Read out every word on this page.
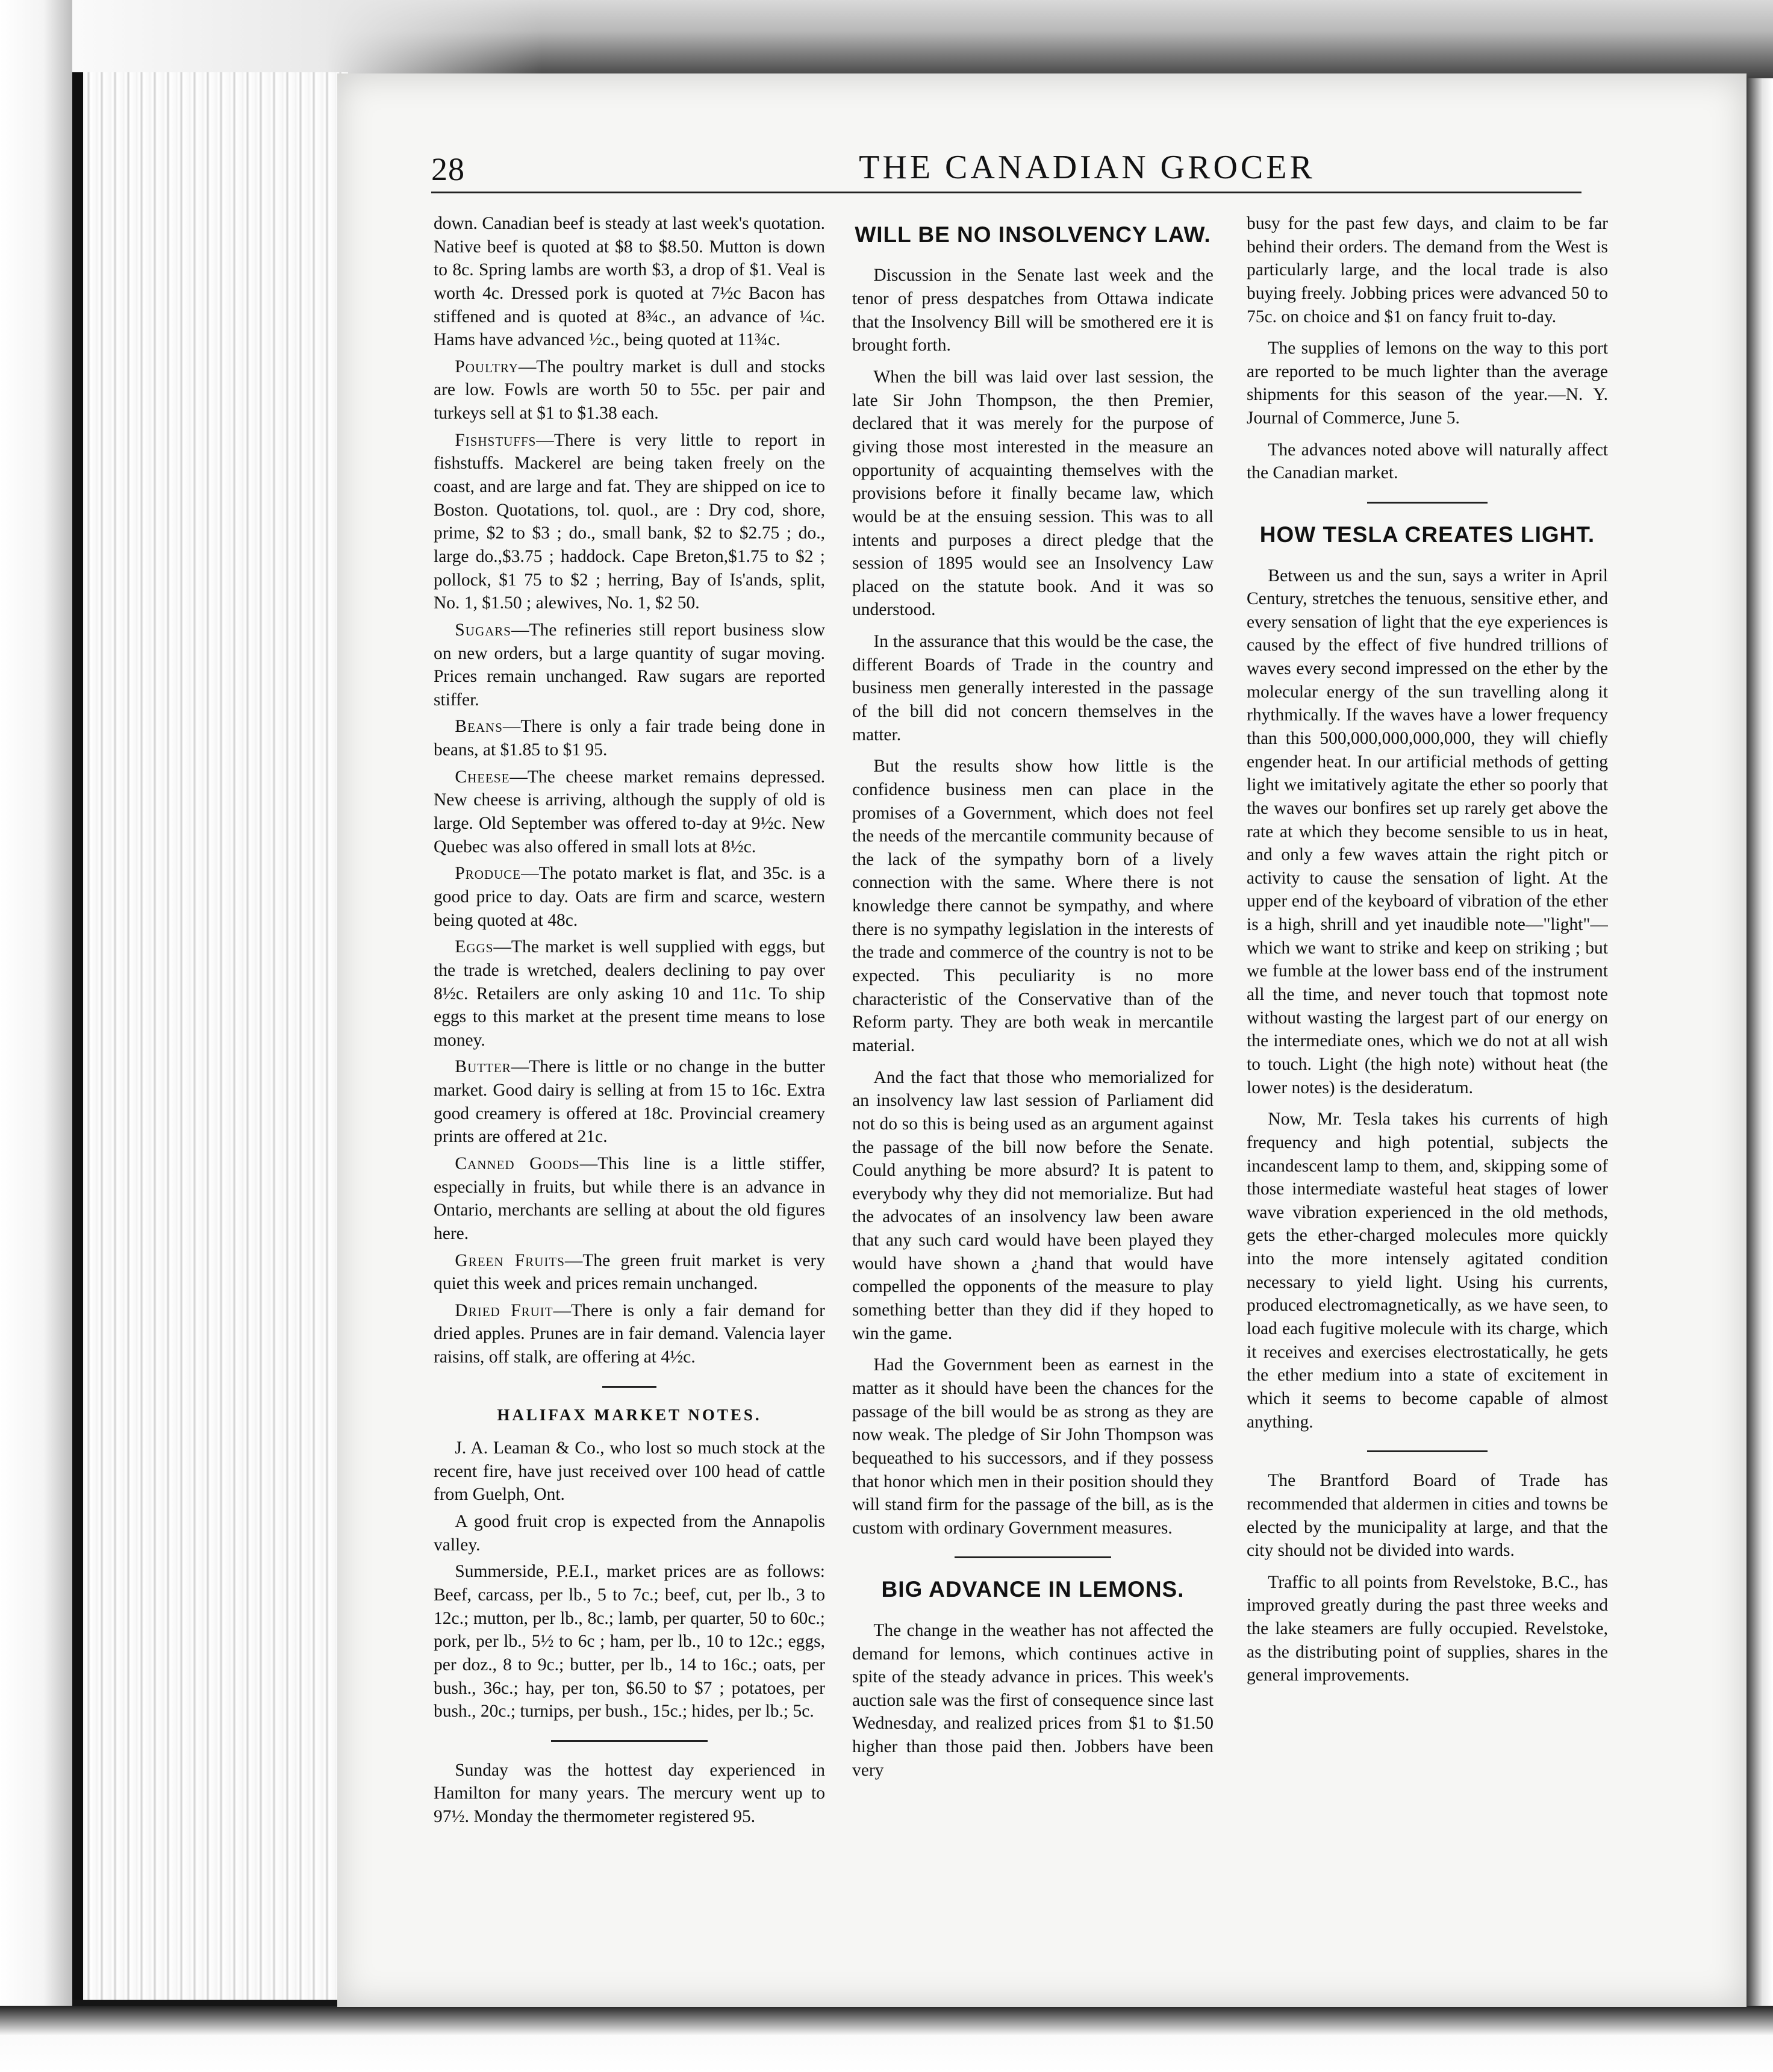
28	THE CANADIAN GROCER

down. Canadian beef is steady at last week's quotation. Native beef is quoted at $8 to $8.50. Mutton is down to 8c. Spring lambs are worth $3, a drop of $1. Veal is worth 4c. Dressed pork is quoted at 7½c Bacon has stiffened and is quoted at 8¾c., an advance of ¼c. Hams have advanced ½c., being quoted at 11¾c.

Poultry—The poultry market is dull and stocks are low. Fowls are worth 50 to 55c. per pair and turkeys sell at $1 to $1.38 each.

Fishstuffs—There is very little to report in fishstuffs. Mackerel are being taken freely on the coast, and are large and fat. They are shipped on ice to Boston. Quotations, tol. quol., are : Dry cod, shore, prime, $2 to $3 ; do., small bank, $2 to $2.75 ; do., large do.,$3.75 ; haddock. Cape Breton,$1.75 to $2 ; pollock, $1 75 to $2 ; herring, Bay of Is'ands, split, No. 1, $1.50 ; alewives, No. 1, $2 50.

Sugars—The refineries still report business slow on new orders, but a large quantity of sugar moving. Prices remain unchanged. Raw sugars are reported stiffer.

Beans—There is only a fair trade being done in beans, at $1.85 to $1 95.

Cheese—The cheese market remains depressed. New cheese is arriving, although the supply of old is large. Old September was offered to-day at 9½c. New Quebec was also offered in small lots at 8½c.

Produce—The potato market is flat, and 35c. is a good price to day. Oats are firm and scarce, western being quoted at 48c.

Eggs—The market is well supplied with eggs, but the trade is wretched, dealers declining to pay over 8½c. Retailers are only asking 10 and 11c. To ship eggs to this market at the present time means to lose money.

Butter—There is little or no change in the butter market. Good dairy is selling at from 15 to 16c. Extra good creamery is offered at 18c. Provincial creamery prints are offered at 21c.

Canned Goods—This line is a little stiffer, especially in fruits, but while there is an advance in Ontario, merchants are selling at about the old figures here.

Green Fruits—The green fruit market is very quiet this week and prices remain unchanged.

Dried Fruit—There is only a fair demand for dried apples. Prunes are in fair demand. Valencia layer raisins, off stalk, are offering at 4½c.

HALIFAX MARKET NOTES.

J. A. Leaman & Co., who lost so much stock at the recent fire, have just received over 100 head of cattle from Guelph, Ont.

A good fruit crop is expected from the Annapolis valley.

Summerside, P.E.I., market prices are as follows: Beef, carcass, per lb., 5 to 7c.; beef, cut, per lb., 3 to 12c.; mutton, per lb., 8c.; lamb, per quarter, 50 to 60c.; pork, per lb., 5½ to 6c ; ham, per lb., 10 to 12c.; eggs, per doz., 8 to 9c.; butter, per lb., 14 to 16c.; oats, per bush., 36c.; hay, per ton, $6.50 to $7 ; potatoes, per bush., 20c.; turnips, per bush., 15c.; hides, per lb.; 5c.

Sunday was the hottest day experienced in Hamilton for many years. The mercury went up to 97½. Monday the thermometer registered 95.

WILL BE NO INSOLVENCY LAW.

Discussion in the Senate last week and the tenor of press despatches from Ottawa indicate that the Insolvency Bill will be smothered ere it is brought forth.

When the bill was laid over last session, the late Sir John Thompson, the then Premier, declared that it was merely for the purpose of giving those most interested in the measure an opportunity of acquainting themselves with the provisions before it finally became law, which would be at the ensuing session. This was to all intents and purposes a direct pledge that the session of 1895 would see an Insolvency Law placed on the statute book. And it was so understood.

In the assurance that this would be the case, the different Boards of Trade in the country and business men generally interested in the passage of the bill did not concern themselves in the matter.

But the results show how little is the confidence business men can place in the promises of a Government, which does not feel the needs of the mercantile community because of the lack of the sympathy born of a lively connection with the same. Where there is not knowledge there cannot be sympathy, and where there is no sympathy legislation in the interests of the trade and commerce of the country is not to be expected. This peculiarity is no more characteristic of the Conservative than of the Reform party. They are both weak in mercantile material.

And the fact that those who memorialized for an insolvency law last session of Parliament did not do so this is being used as an argument against the passage of the bill now before the Senate. Could anything be more absurd? It is patent to everybody why they did not memorialize. But had the advocates of an insolvency law been aware that any such card would have been played they would have shown a ¿hand that would have compelled the opponents of the measure to play something better than they did if they hoped to win the game.

Had the Government been as earnest in the matter as it should have been the chances for the passage of the bill would be as strong as they are now weak. The pledge of Sir John Thompson was bequeathed to his successors, and if they possess that honor which men in their position should they will stand firm for the passage of the bill, as is the custom with ordinary Government measures.

BIG ADVANCE IN LEMONS.

The change in the weather has not affected the demand for lemons, which continues active in spite of the steady advance in prices. This week's auction sale was the first of consequence since last Wednesday, and realized prices from $1 to $1.50 higher than those paid then. Jobbers have been very

busy for the past few days, and claim to be far behind their orders. The demand from the West is particularly large, and the local trade is also buying freely. Jobbing prices were advanced 50 to 75c. on choice and $1 on fancy fruit to-day.

The supplies of lemons on the way to this port are reported to be much lighter than the average shipments for this season of the year.—N. Y. Journal of Commerce, June 5.

The advances noted above will naturally affect the Canadian market.

HOW TESLA CREATES LIGHT.

Between us and the sun, says a writer in April Century, stretches the tenuous, sensitive ether, and every sensation of light that the eye experiences is caused by the effect of five hundred trillions of waves every second impressed on the ether by the molecular energy of the sun travelling along it rhythmically. If the waves have a lower frequency than this 500,000,000,000,000, they will chiefly engender heat. In our artificial methods of getting light we imitatively agitate the ether so poorly that the waves our bonfires set up rarely get above the rate at which they become sensible to us in heat, and only a few waves attain the right pitch or activity to cause the sensation of light. At the upper end of the keyboard of vibration of the ether is a high, shrill and yet inaudible note—"light"—which we want to strike and keep on striking ; but we fumble at the lower bass end of the instrument all the time, and never touch that topmost note without wasting the largest part of our energy on the intermediate ones, which we do not at all wish to touch. Light (the high note) without heat (the lower notes) is the desideratum.

Now, Mr. Tesla takes his currents of high frequency and high potential, subjects the incandescent lamp to them, and, skipping some of those intermediate wasteful heat stages of lower wave vibration experienced in the old methods, gets the ether-charged molecules more quickly into the more intensely agitated condition necessary to yield light. Using his currents, produced electromagnetically, as we have seen, to load each fugitive molecule with its charge, which it receives and exercises electrostatically, he gets the ether medium into a state of excitement in which it seems to become capable of almost anything.

The Brantford Board of Trade has recommended that aldermen in cities and towns be elected by the municipality at large, and that the city should not be divided into wards.

Traffic to all points from Revelstoke, B.C., has improved greatly during the past three weeks and the lake steamers are fully occupied. Revelstoke, as the distributing point of supplies, shares in the general improvements.
